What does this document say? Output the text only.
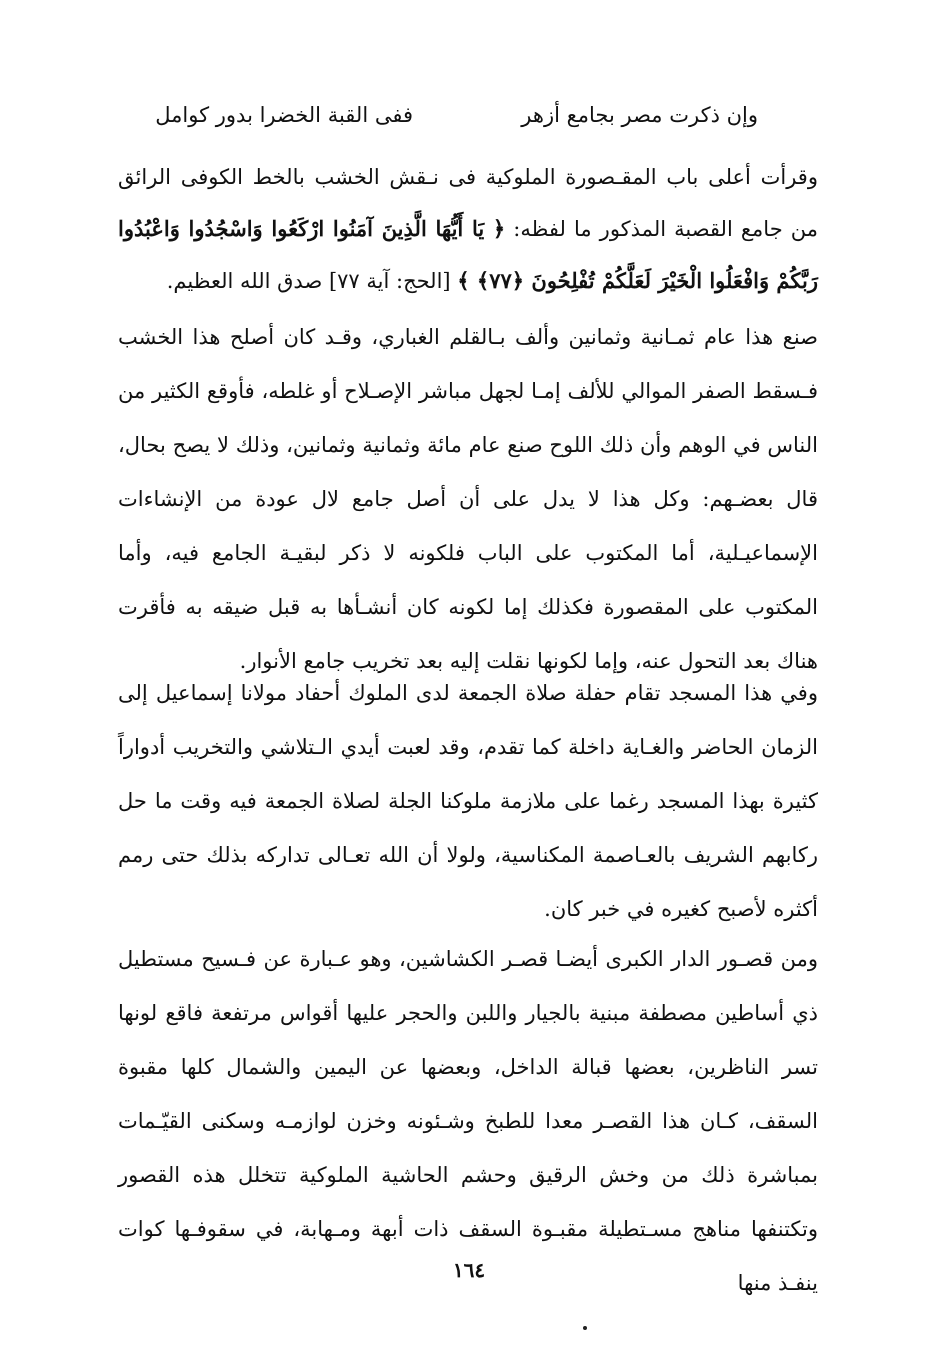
وإن ذكرت مصر بجامع أزهر
ففى القبة الخضرا بدور كوامل

وقرأت أعلى باب المقـصورة الملوكية فى نـقش الخشب بالخط الكوفى الرائق من جامع القصبة المذكور ما لفظه: ﴿ يَا أَيُّهَا الَّذِينَ آمَنُوا ارْكَعُوا وَاسْجُدُوا وَاعْبُدُوا رَبَّكُمْ وَافْعَلُوا الْخَيْرَ لَعَلَّكُمْ تُفْلِحُونَ ﴿٧٧﴾ ﴾ [الحج: آية ٧٧] صدق الله العظيم.

صنع هذا عام ثمـانية وثمانين وألف بـالقلم الغباري، وقـد كان أصلح هذا الخشب فـسقط الصفر الموالي للألف إمـا لجهل مباشر الإصـلاح أو غلطه، فأوقع الكثير من الناس في الوهم وأن ذلك اللوح صنع عام مائة وثمانية وثمانين، وذلك لا يصح بحال، قال بعضـهم: وكل هذا لا يدل على أن أصل جامع لال عودة من الإنشاءات الإسماعيـلية، أما المكتوب على الباب فلكونه لا ذكر لبقيـة الجامع فيه، وأما المكتوب على المقصورة فكذلك إما لكونه كان أنشـأها به قبل ضيقه به فأقرت هناك بعد التحول عنه، وإما لكونها نقلت إليه بعد تخريب جامع الأنوار.

وفي هذا المسجد تقام حفلة صلاة الجمعة لدى الملوك أحفاد مولانا إسماعيل إلى الزمان الحاضر والغـاية داخلة كما تقدم، وقد لعبت أيدي الـتلاشي والتخريب أدواراً كثيرة بهذا المسجد رغما على ملازمة ملوكنا الجلة لصلاة الجمعة فيه وقت ما حل ركابهم الشريف بالعـاصمة المكناسية، ولولا أن الله تعـالى تداركه بذلك حتى رمم أكثره لأصبح كغيره في خبر كان.

ومن قصـور الدار الكبرى أيضـا قصـر الكشاشين، وهو عـبارة عن فـسيح مستطيل ذي أساطين مصطفة مبنية بالجيار واللبن والحجر عليها أقواس مرتفعة فاقع لونها تسر الناظرين، بعضها قبالة الداخل، وبعضها عن اليمين والشمال كلها مقبوة السقف، كـان هذا القصـر معدا للطبخ وشـئونه وخزن لوازمـه وسكنى القيّـمات بمباشرة ذلك من وخش الرقيق وحشم الحاشية الملوكية تتخلل هذه القصور وتكتنفها مناهج مسـتطيلة مقبـوة السقف ذات أبهة ومـهابة، في سقوفـها كوات ينفـذ منها

١٦٤
